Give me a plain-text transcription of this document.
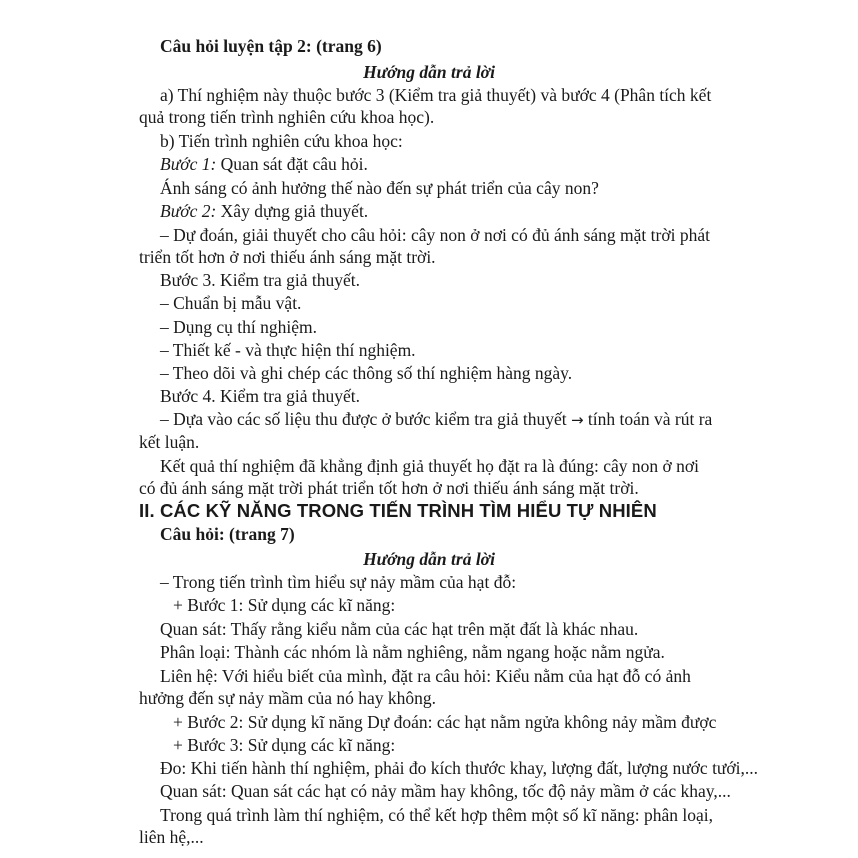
Câu hỏi luyện tập 2: (trang 6)

Hướng dẫn trả lời

a) Thí nghiệm này thuộc bước 3 (Kiểm tra giả thuyết) và bước 4 (Phân tích kết

quả trong tiến trình nghiên cứu khoa học).

b) Tiến trình nghiên cứu khoa học:

Bước 1: Quan sát đặt câu hỏi.

Ánh sáng có ảnh hưởng thế nào đến sự phát triển của cây non?

Bước 2: Xây dựng giả thuyết.

– Dự đoán, giải thuyết cho câu hỏi: cây non ở nơi có đủ ánh sáng mặt trời phát

triển tốt hơn ở nơi thiếu ánh sáng mặt trời.

Bước 3. Kiểm tra giả thuyết.

– Chuẩn bị mẫu vật.

– Dụng cụ thí nghiệm.

– Thiết kế - và thực hiện thí nghiệm.

– Theo dõi và ghi chép các thông số thí nghiệm hàng ngày.

Bước 4. Kiểm tra giả thuyết.

– Dựa vào các số liệu thu được ở bước kiểm tra giả thuyết → tính toán và rút ra

kết luận.

Kết quả thí nghiệm đã khẳng định giả thuyết họ đặt ra là đúng: cây non ở nơi

có đủ ánh sáng mặt trời phát triển tốt hơn ở nơi thiếu ánh sáng mặt trời.

II. CÁC KỸ NĂNG TRONG TIẾN TRÌNH TÌM HIỂU TỰ NHIÊN

Câu hỏi: (trang 7)

Hướng dẫn trả lời

– Trong tiến trình tìm hiểu sự nảy mầm của hạt đỗ:

+ Bước 1: Sử dụng các kĩ năng:

Quan sát: Thấy rằng kiểu nằm của các hạt trên mặt đất là khác nhau.

Phân loại: Thành các nhóm là nằm nghiêng, nằm ngang hoặc nằm ngửa.

Liên hệ: Với hiểu biết của mình, đặt ra câu hỏi: Kiểu nằm của hạt đỗ có ảnh

hưởng đến sự nảy mầm của nó hay không.

+ Bước 2: Sử dụng kĩ năng Dự đoán: các hạt nằm ngửa không nảy mầm được

+ Bước 3: Sử dụng các kĩ năng:

Đo: Khi tiến hành thí nghiệm, phải đo kích thước khay, lượng đất, lượng nước tưới,...

Quan sát: Quan sát các hạt có nảy mầm hay không, tốc độ nảy mầm ở các khay,...

Trong quá trình làm thí nghiệm, có thể kết hợp thêm một số kĩ năng: phân loại,

liên hệ,...
